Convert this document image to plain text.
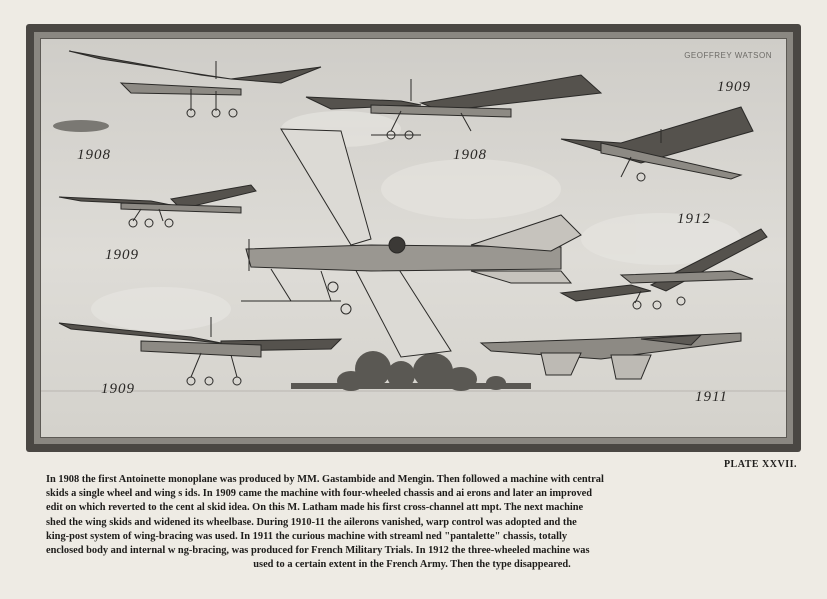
GEOFFREY WATSON
1908	1908
1909
1909
1912
1909	1911
PLATE XXVII.

In 1908 the first Antoinette monoplane was produced by MM. Gastambide and Mengin. Then followed a machine with central
skids a single wheel and wing s ids. In 1909 came the machine with four-wheeled chassis and ai erons and later an improved
edit on which reverted to the cent al skid idea. On this M. Latham made his first cross-channel att mpt. The next machine
shed the wing skids and widened its wheelbase. During 1910-11 the ailerons vanished, warp control was adopted and the
king-post system of wing-bracing was used. In 1911 the curious machine with streaml ned "pantalette" chassis, totally
enclosed body and internal w ng-bracing, was produced for French Military Trials. In 1912 the three-wheeled machine was
used to a certain extent in the French Army. Then the type disappeared.
